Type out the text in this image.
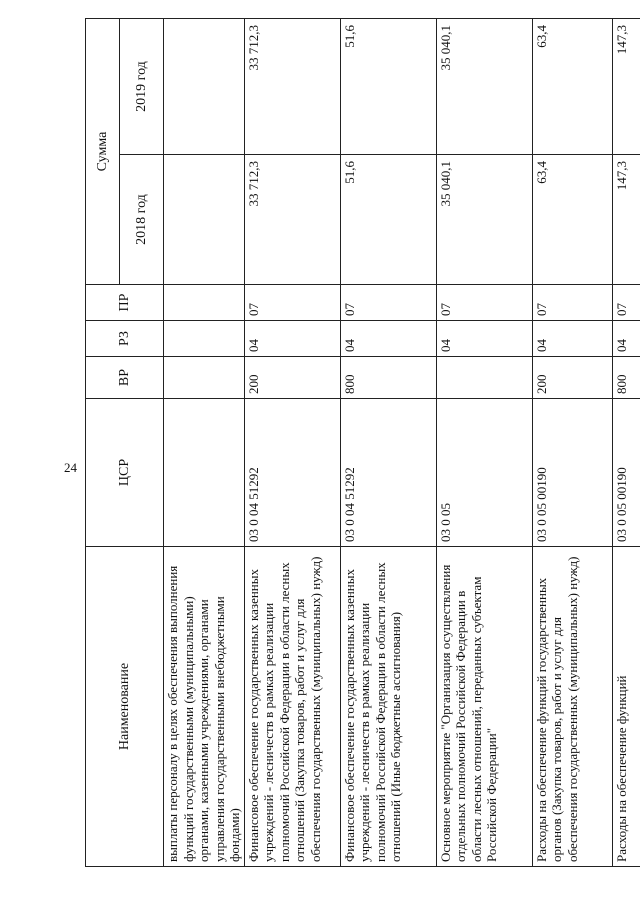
24
Наименование	ЦСР	ВР	РЗ	ПР	Сумма	
					2018 год	2019 год
выплаты персоналу в целях обеспечения выполнения функций государственными (муниципальными) органами, казенными учреждениями, органами управления государственными внебюджетными фондами)						
Финансовое обеспечение государственных казенных учреждений - лесничеств в рамках реализации полномочий Российской Федерации в области лесных отношений (Закупка товаров, работ и услуг для обеспечения государственных (муниципальных) нужд)	03 0 04 51292	200	04	07	33 712,3	33 712,3
Финансовое обеспечение государственных казенных учреждений - лесничеств в рамках реализации полномочий Российской Федерации в области лесных отношений (Иные бюджетные ассигнования)	03 0 04 51292	800	04	07	51,6	51,6
Основное мероприятие "Организация осуществления отдельных полномочий Российской Федерации в области лесных отношений, переданных субъектам Российской Федерации"	03 0 05		04	07	35 040,1	35 040,1
Расходы на обеспечение функций государственных органов (Закупка товаров, работ и услуг для обеспечения государственных (муниципальных) нужд)	03 0 05 00190	200	04	07	63,4	63,4
Расходы на обеспечение функций	03 0 05 00190	800	04	07	147,3	147,3
